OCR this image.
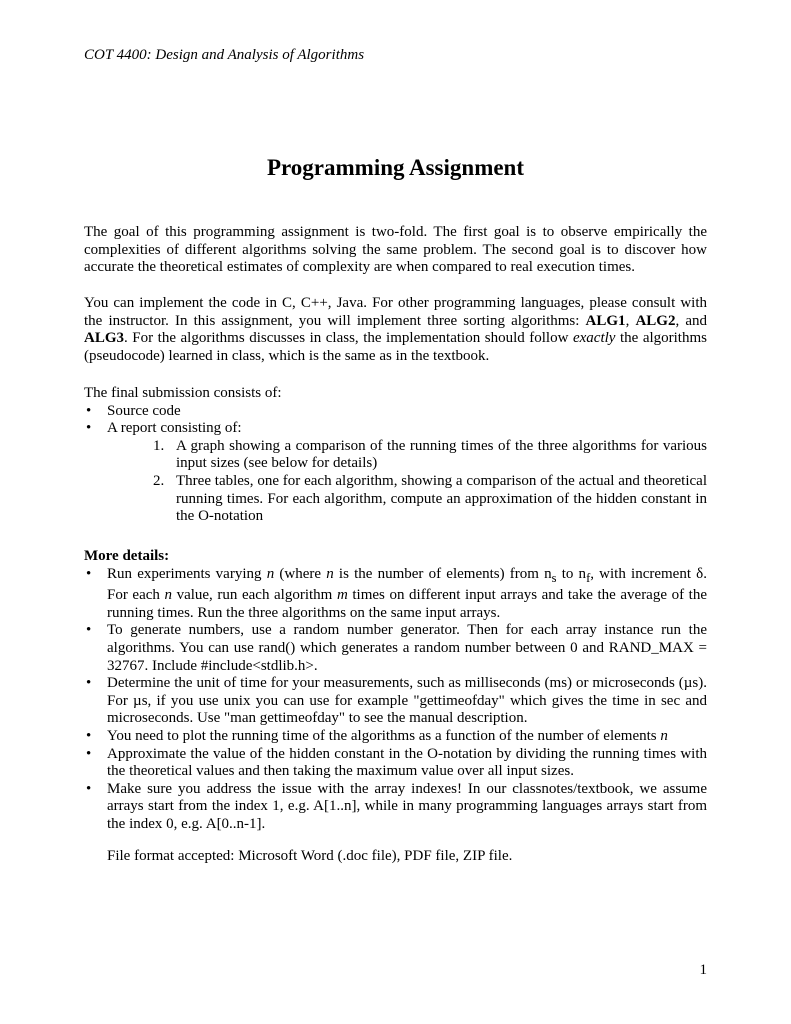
COT 4400: Design and Analysis of Algorithms
Programming Assignment

The goal of this programming assignment is two-fold. The first goal is to observe empirically the complexities of different algorithms solving the same problem. The second goal is to discover how accurate the theoretical estimates of complexity are when compared to real execution times.

You can implement the code in C, C++, Java. For other programming languages, please consult with the instructor. In this assignment, you will implement three sorting algorithms: ALG1, ALG2, and ALG3. For the algorithms discusses in class, the implementation should follow exactly the algorithms (pseudocode) learned in class, which is the same as in the textbook.

The final submission consists of:

• Source code
• A report consisting of:
1. A graph showing a comparison of the running times of the three algorithms for various input sizes (see below for details)
2. Three tables, one for each algorithm, showing a comparison of the actual and theoretical running times. For each algorithm, compute an approximation of the hidden constant in the O-notation

More details:

• Run experiments varying n (where n is the number of elements) from $n_s$ to $n_f$, with increment δ. For each n value, run each algorithm m times on different input arrays and take the average of the running times. Run the three algorithms on the same input arrays.
• To generate numbers, use a random number generator. Then for each array instance run the algorithms. You can use rand() which generates a random number between 0 and RAND_MAX = 32767. Include #include<stdlib.h>.
• Determine the unit of time for your measurements, such as milliseconds (ms) or microseconds (µs). For µs, if you use unix you can use for example "gettimeofday" which gives the time in sec and microseconds. Use "man gettimeofday" to see the manual description.
• You need to plot the running time of the algorithms as a function of the number of elements n
• Approximate the value of the hidden constant in the O-notation by dividing the running times with the theoretical values and then taking the maximum value over all input sizes.
• Make sure you address the issue with the array indexes! In our classnotes/textbook, we assume arrays start from the index 1, e.g. A[1..n], while in many programming languages arrays start from the index 0, e.g. A[0..n-1].
File format accepted: Microsoft Word (.doc file), PDF file, ZIP file.
1
